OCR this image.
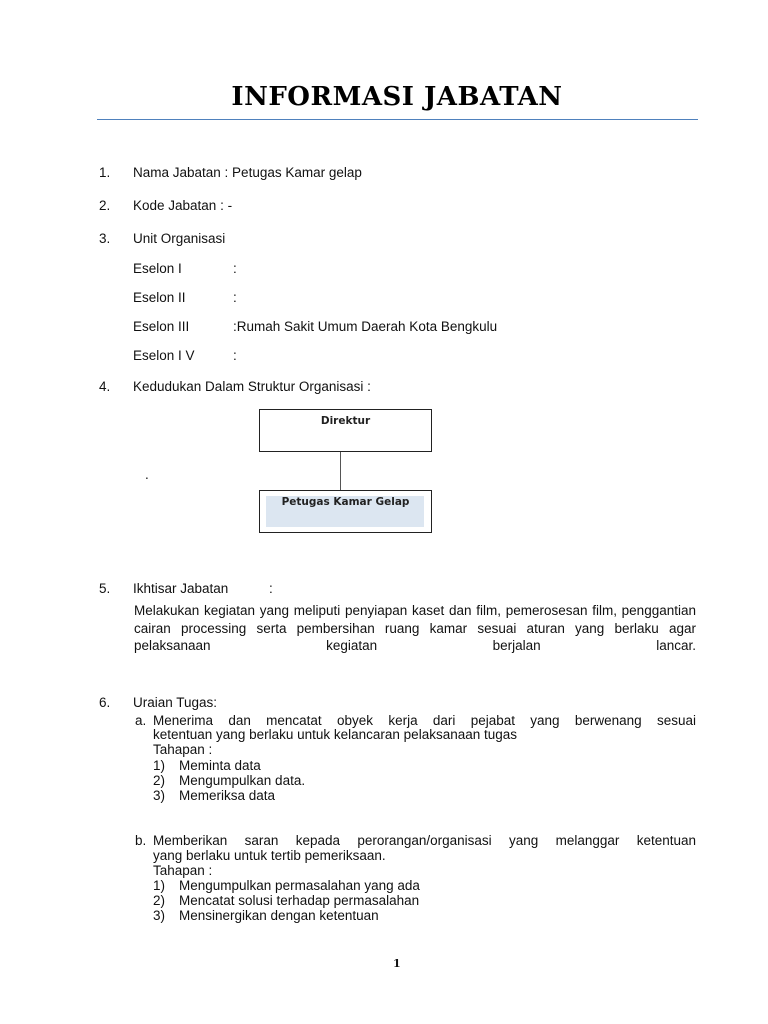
INFORMASI JABATAN
1. Nama Jabatan : Petugas Kamar gelap
2. Kode Jabatan : -
3. Unit Organisasi
Eselon I	:
Eselon II	:
Eselon III	:Rumah Sakit Umum Daerah Kota Bengkulu
Eselon I V	:
4. Kedudukan Dalam Struktur Organisasi :
Direktur
Petugas Kamar Gelap
.
5. Ikhtisar Jabatan	:
Melakukan kegiatan yang meliputi penyiapan kaset dan film, pemerosesan film, penggantian cairan processing serta pembersihan ruang kamar sesuai aturan yang berlaku agar pelaksanaan kegiatan berjalan lancar.
6. Uraian Tugas:
a. Menerima dan mencatat obyek kerja dari pejabat yang berwenang sesuai
ketentuan yang berlaku untuk kelancaran pelaksanaan tugas
Tahapan :
1) Meminta data
2) Mengumpulkan data.
3) Memeriksa data
b. Memberikan saran kepada perorangan/organisasi yang melanggar ketentuan
yang berlaku untuk tertib pemeriksaan.
Tahapan :
1) Mengumpulkan permasalahan yang ada
2) Mencatat solusi terhadap permasalahan
3) Mensinergikan dengan ketentuan
1
